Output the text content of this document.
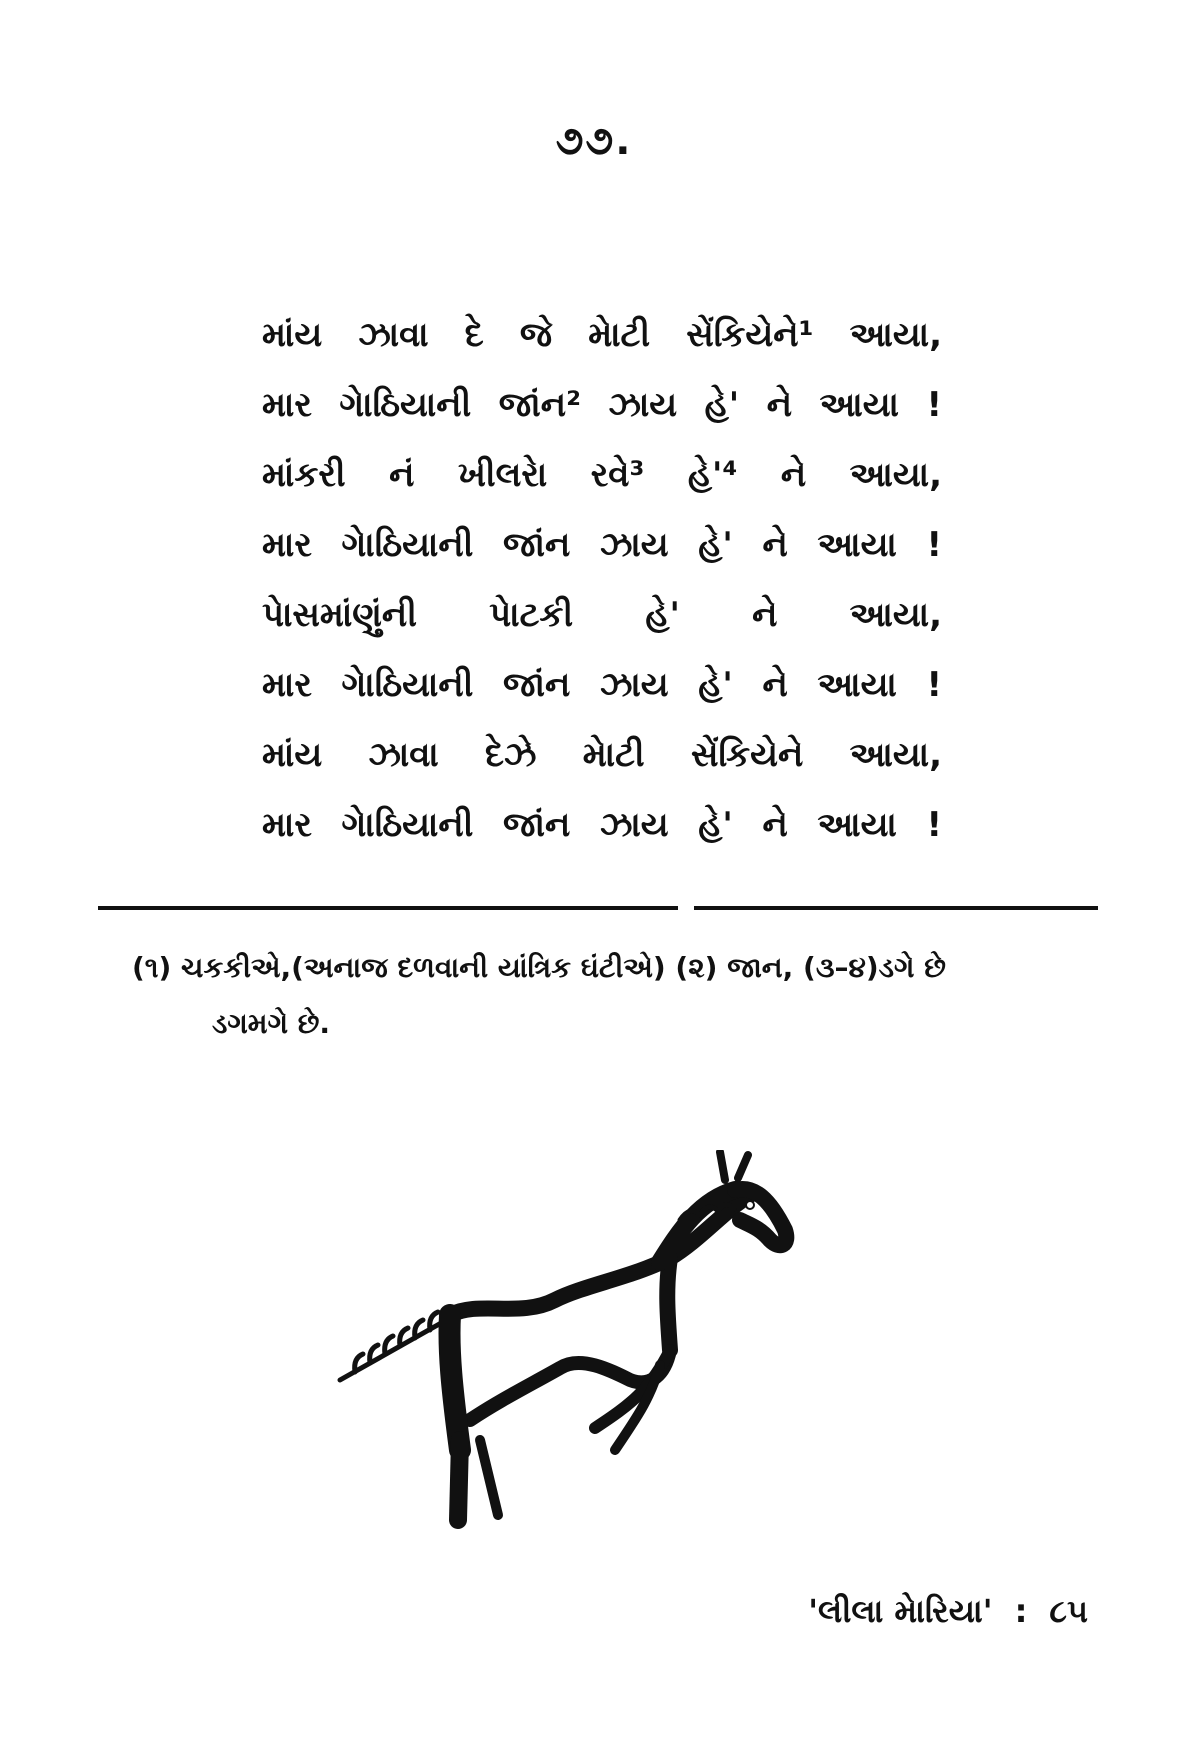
૭૭.
માંય ઝાવા દે જે મેાટી સેંકિયેને¹ આયા,
માર ગેાઠિયાની જાંન² ઝાય હે' ને આયા !
માંકરી નં ખીલરેા રવે³ હે'⁴ ને આયા,
માર ગેાઠિયાની જાંન ઝાય હે' ને આયા !
પેાસમાંણુંની પેાટકી હે' ને આયા,
માર ગેાઠિયાની જાંન ઝાય હે' ને આયા !
માંય ઝાવા દેઝે મેાટી સેંકિયેને આયા,
માર ગેાઠિયાની જાંન ઝાય હે' ને આયા !
(૧) ચકકીએ,(અનાજ દળવાની યાંત્રિક ઘંટીએ) (૨) જાન, (૩–૪)ડગે છે
ડગમગે છે.
'લીલા મેારિયા' : ૮૫
